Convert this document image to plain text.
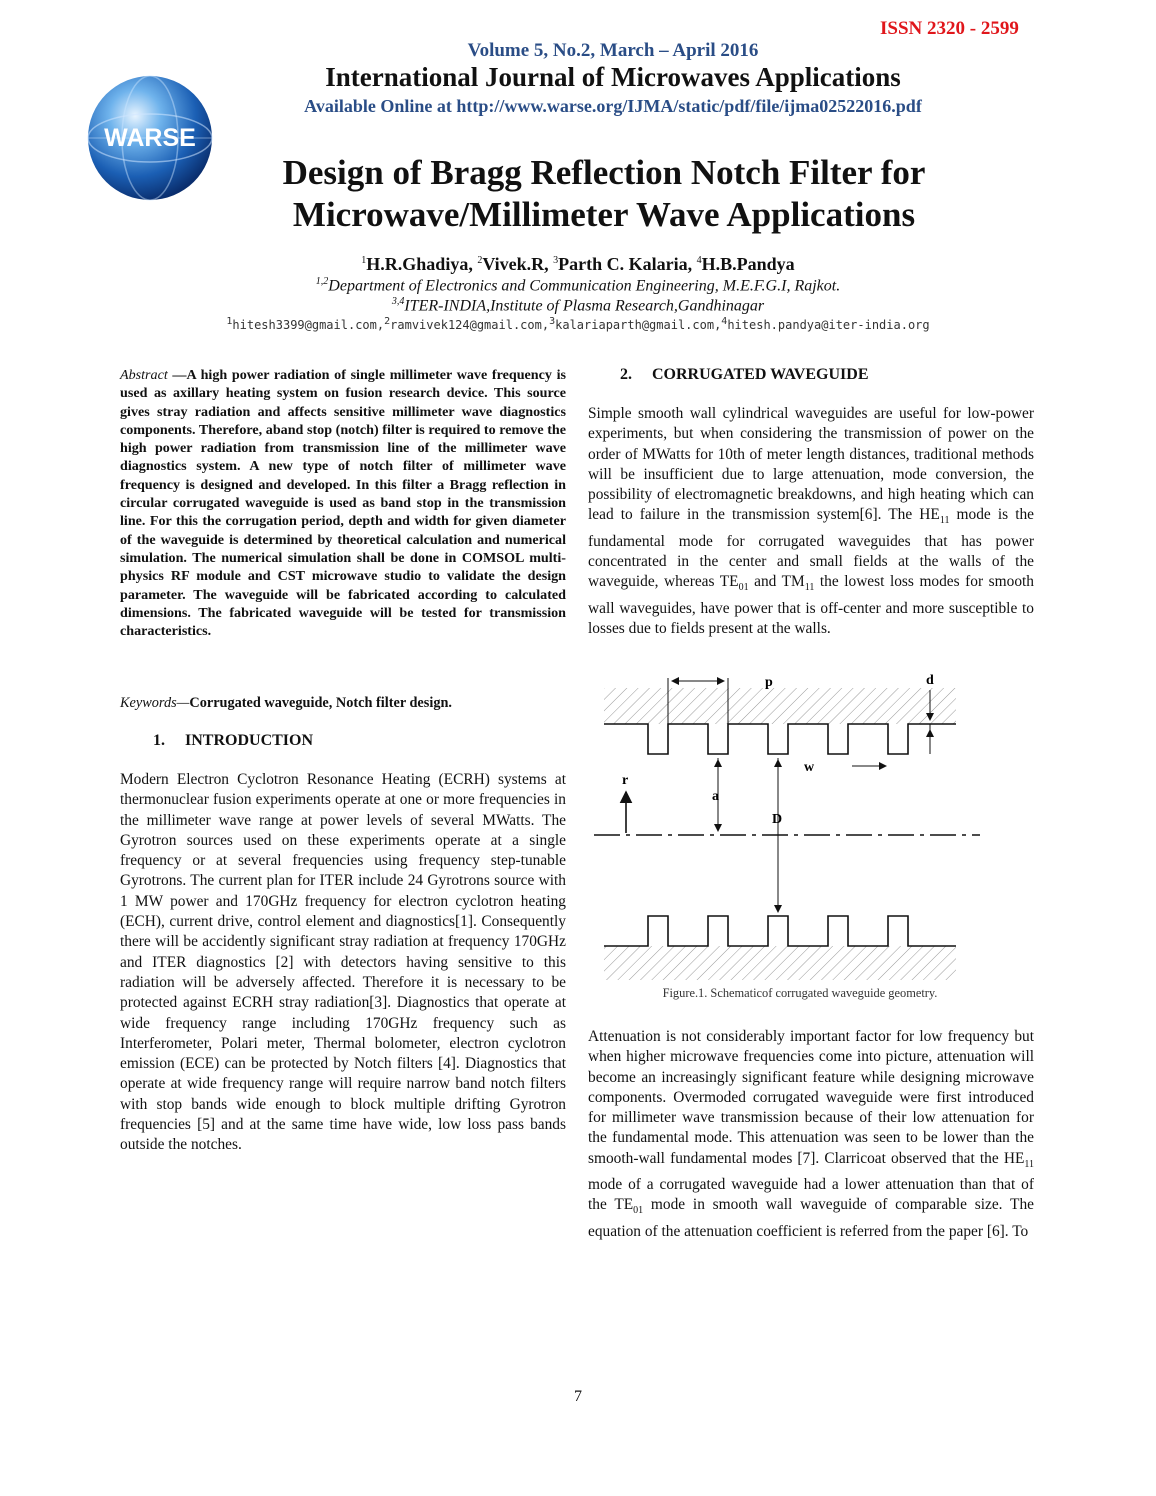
ISSN 2320 - 2599
Volume 5, No.2, March – April 2016
International Journal of Microwaves Applications
Available Online at http://www.warse.org/IJMA/static/pdf/file/ijma02522016.pdf
WARSE
Design of Bragg Reflection Notch Filter for
Microwave/Millimeter Wave Applications
$^1$H.R.Ghadiya, $^2$Vivek.R, $^3$Parth C. Kalaria, $^4$H.B.Pandya
$^{1,2}$Department of Electronics and Communication Engineering, M.E.F.G.I, Rajkot.
$^{3,4}$ITER-INDIA,Institute of Plasma Research,Gandhinagar
$^1$hitesh3399@gmail.com,$^2$ramvivek124@gmail.com,$^3$kalariaparth@gmail.com,$^4$hitesh.pandya@iter-india.org
Abstract —A high power radiation of single millimeter wave frequency is used as axillary heating system on fusion research device. This source gives stray radiation and affects sensitive millimeter wave diagnostics components. Therefore, aband stop (notch) filter is required to remove the high power radiation from transmission line of the millimeter wave diagnostics system. A new type of notch filter of millimeter wave frequency is designed and developed. In this filter a Bragg reflection in circular corrugated waveguide is used as band stop in the transmission line. For this the corrugation period, depth and width for given diameter of the waveguide is determined by theoretical calculation and numerical simulation. The numerical simulation shall be done in COMSOL multi-physics RF module and CST microwave studio to validate the design parameter. The waveguide will be fabricated according to calculated dimensions. The fabricated waveguide will be tested for transmission characteristics.
Keywords—Corrugated waveguide, Notch filter design.
1. INTRODUCTION
Modern Electron Cyclotron Resonance Heating (ECRH) systems at thermonuclear fusion experiments operate at one or more frequencies in the millimeter wave range at power levels of several MWatts. The Gyrotron sources used on these experiments operate at a single frequency or at several frequencies using frequency step-tunable Gyrotrons. The current plan for ITER include 24 Gyrotrons source with 1 MW power and 170GHz frequency for electron cyclotron heating (ECH), current drive, control element and diagnostics[1]. Consequently there will be accidently significant stray radiation at frequency 170GHz and ITER diagnostics [2] with detectors having sensitive to this radiation will be adversely affected. Therefore it is necessary to be protected against ECRH stray radiation[3]. Diagnostics that operate at wide frequency range including 170GHz frequency such as Interferometer, Polari meter, Thermal bolometer, electron cyclotron emission (ECE) can be protected by Notch filters [4]. Diagnostics that operate at wide frequency range will require narrow band notch filters with stop bands wide enough to block multiple drifting Gyrotron frequencies [5] and at the same time have wide, low loss pass bands outside the notches.
2. CORRUGATED WAVEGUIDE
Simple smooth wall cylindrical waveguides are useful for low-power experiments, but when considering the transmission of power on the order of MWatts for 10th of meter length distances, traditional methods will be insufficient due to large attenuation, mode conversion, the possibility of electromagnetic breakdowns, and high heating which can lead to failure in the transmission system[6]. The $HE_{11}$ mode is the fundamental mode for corrugated waveguides that has power concentrated in the center and small fields at the walls of the waveguide, whereas $TE_{01}$ and $TM_{11}$ the lowest loss modes for smooth wall waveguides, have power that is off-center and more susceptible to losses due to fields present at the walls.
p	d
w
a
D
r
Figure.1. Schematicof corrugated waveguide geometry.
Attenuation is not considerably important factor for low frequency but when higher microwave frequencies come into picture, attenuation will become an increasingly significant feature while designing microwave components. Overmoded corrugated waveguide were first introduced for millimeter wave transmission because of their low attenuation for the fundamental mode. This attenuation was seen to be lower than the smooth-wall fundamental modes [7]. Clarricoat observed that the $HE_{11}$ mode of a corrugated waveguide had a lower attenuation than that of the $TE_{01}$ mode in smooth wall waveguide of comparable size. The equation of the attenuation coefficient is referred from the paper [6]. To
7
